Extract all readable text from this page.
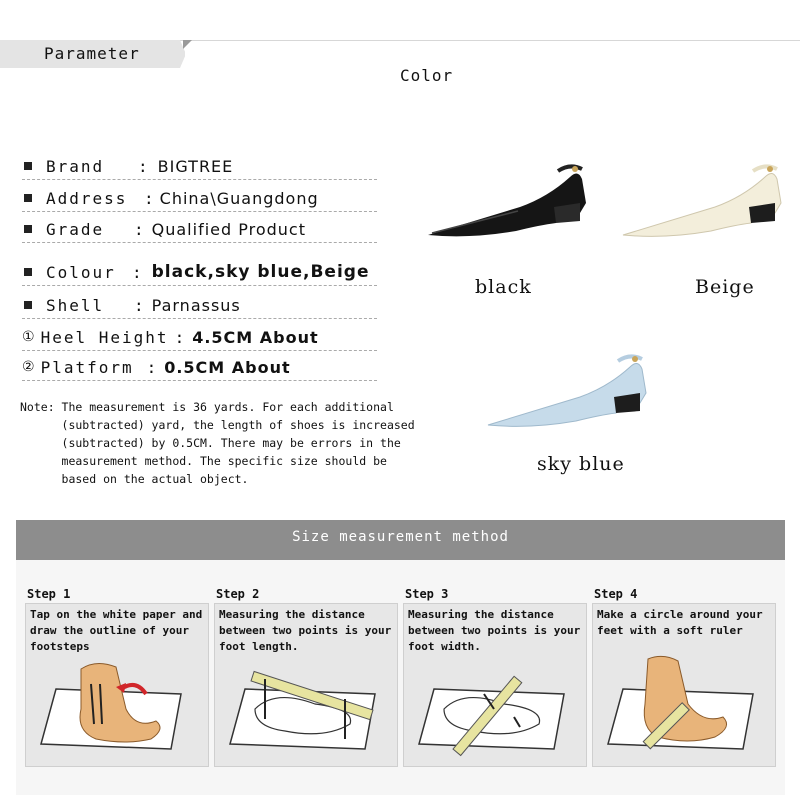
Parameter
Color
Brand	: BIGTREE
Address	: China\Guangdong
Grade	: Qualified Product
Colour	: black,sky blue,Beige
Shell	: Parnassus
① Heel Height : 4.5CM About
② Platform : 0.5CM About
Note: The measurement is 36 yards. For each additional
(subtracted) yard, the length of shoes is increased
(subtracted) by 0.5CM. There may be errors in the
measurement method. The specific size should be
based on the actual object.
black	Beige
sky blue
Size measurement method
Step 1
Tap on the white paper and draw the outline of your footsteps
Step 2
Measuring the distance between two points is your foot length.
Step 3
Measuring the distance between two points is your foot width.
Step 4
Make a circle around your feet with a soft ruler
